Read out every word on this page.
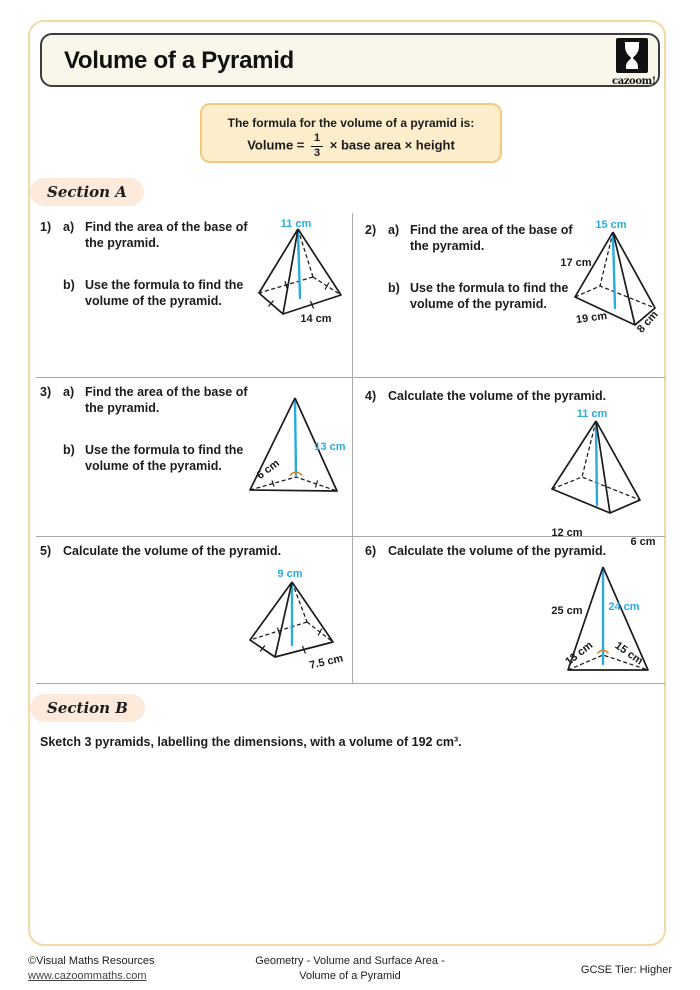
Volume of a Pyramid
cazoom!
The formula for the volume of a pyramid is:
Volume = $\frac{1}{3}$ × base area × height
Section A
1) a) Find the area of the base of
the pyramid.
b) Use the formula to find the
volume of the pyramid.
11 cm
14 cm
2) a) Find the area of the base of
the pyramid.
b) Use the formula to find the
volume of the pyramid.
15 cm
17 cm
19 cm 8 cm
3) a) Find the area of the base of
the pyramid.
b) Use the formula to find the
volume of the pyramid.	6 cm
13 cm
4) Calculate the volume of the pyramid.
11 cm
12 cm
6 cm
5) Calculate the volume of the pyramid.
9 cm
7.5 cm
6) Calculate the volume of the pyramid.
25 cm 24 cm
13 cm 15 cm
Section B
Sketch 3 pyramids, labelling the dimensions, with a volume of 192 cm³.
©Visual Maths Resources
www.cazoommaths.com
Geometry - Volume and Surface Area -
Volume of a Pyramid	GCSE Tier: Higher
